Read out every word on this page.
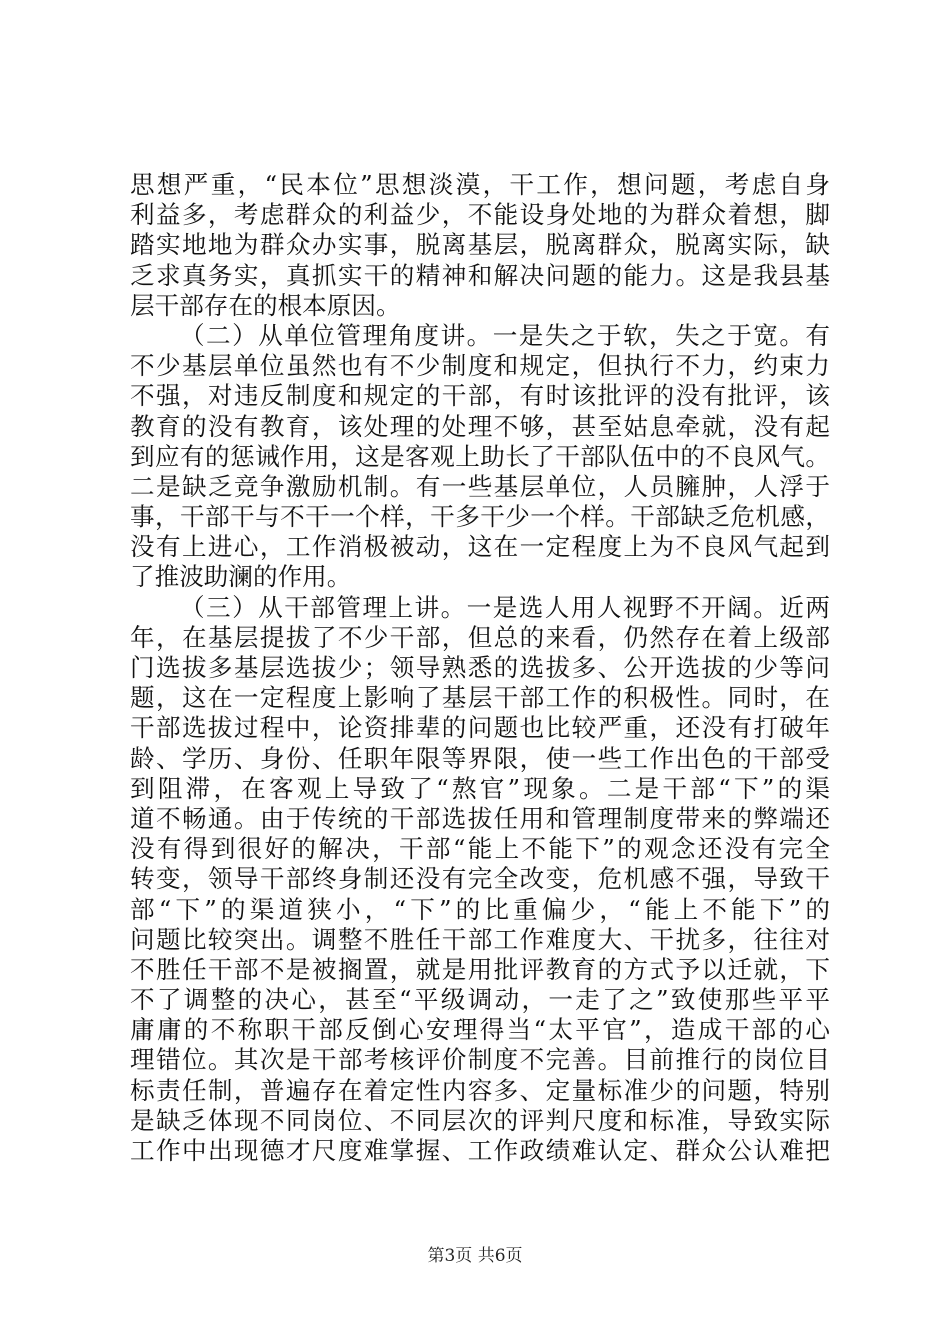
思想严重，“民本位”思想淡漠，干工作，想问题，考虑自身
利益多，考虑群众的利益少，不能设身处地的为群众着想，脚
踏实地地为群众办实事，脱离基层，脱离群众，脱离实际，缺
乏求真务实，真抓实干的精神和解决问题的能力。这是我县基
层干部存在的根本原因。
（二）从单位管理角度讲。一是失之于软，失之于宽。有
不少基层单位虽然也有不少制度和规定，但执行不力，约束力
不强，对违反制度和规定的干部，有时该批评的没有批评，该
教育的没有教育，该处理的处理不够，甚至姑息牵就，没有起
到应有的惩诫作用，这是客观上助长了干部队伍中的不良风气。
二是缺乏竞争激励机制。有一些基层单位，人员臃肿，人浮于
事，干部干与不干一个样，干多干少一个样。干部缺乏危机感，
没有上进心，工作消极被动，这在一定程度上为不良风气起到
了推波助澜的作用。
（三）从干部管理上讲。一是选人用人视野不开阔。近两
年，在基层提拔了不少干部，但总的来看，仍然存在着上级部
门选拔多基层选拔少；领导熟悉的选拔多、公开选拔的少等问
题，这在一定程度上影响了基层干部工作的积极性。同时，在
干部选拔过程中，论资排辈的问题也比较严重，还没有打破年
龄、学历、身份、任职年限等界限，使一些工作出色的干部受
到阻滞，在客观上导致了“熬官”现象。二是干部“下”的渠
道不畅通。由于传统的干部选拔任用和管理制度带来的弊端还
没有得到很好的解决，干部“能上不能下”的观念还没有完全
转变，领导干部终身制还没有完全改变，危机感不强，导致干
部“下”的渠道狭小，“下”的比重偏少，“能上不能下”的
问题比较突出。调整不胜任干部工作难度大、干扰多，往往对
不胜任干部不是被搁置，就是用批评教育的方式予以迁就，下
不了调整的决心，甚至“平级调动，一走了之”致使那些平平
庸庸的不称职干部反倒心安理得当“太平官”，造成干部的心
理错位。其次是干部考核评价制度不完善。目前推行的岗位目
标责任制，普遍存在着定性内容多、定量标准少的问题，特别
是缺乏体现不同岗位、不同层次的评判尺度和标准，导致实际
工作中出现德才尺度难掌握、工作政绩难认定、群众公认难把
第3页 共6页
